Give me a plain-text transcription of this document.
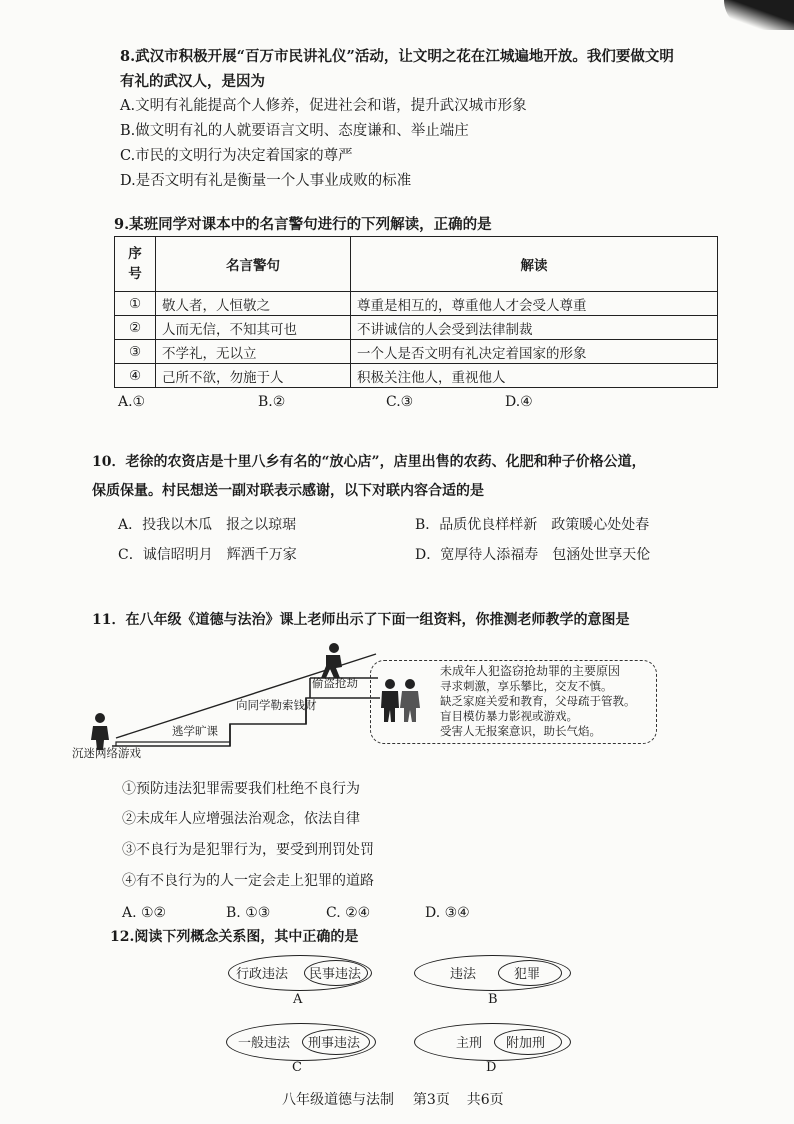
8.武汉市积极开展“百万市民讲礼仪”活动，让文明之花在江城遍地开放。我们要做文明
有礼的武汉人，是因为
A.文明有礼能提高个人修养，促进社会和谐，提升武汉城市形象
B.做文明有礼的人就要语言文明、态度谦和、举止端庄
C.市民的文明行为决定着国家的尊严
D.是否文明有礼是衡量一个人事业成败的标准
9.某班同学对课本中的名言警句进行的下列解读，正确的是
序
号	名言警句	解读
①	敬人者，人恒敬之	尊重是相互的，尊重他人才会受人尊重
②	人而无信，不知其可也	不讲诚信的人会受到法律制裁
③	不学礼，无以立	一个人是否文明有礼决定着国家的形象
④	己所不欲，勿施于人	积极关注他人，重视他人
A.①	B.②	C.③	D.④
10．老徐的农资店是十里八乡有名的“放心店”，店里出售的农药、化肥和种子价格公道，
保质保量。村民想送一副对联表示感谢，以下对联内容合适的是
A．投我以木瓜　报之以琼琚	B．品质优良样样新　政策暖心处处春
C．诚信昭明月　辉洒千万家	D．宽厚待人添福寿　包涵处世享天伦
11．在八年级《道德与法治》课上老师出示了下面一组资料，你推测老师教学的意图是
沉迷网络游戏
逃学旷课
向同学勒索钱财
偷盗抢劫
未成年人犯盗窃抢劫罪的主要原因
寻求刺激，享乐攀比，交友不慎。
缺乏家庭关爱和教育，父母疏于管教。
盲目模仿暴力影视或游戏。
受害人无报案意识，助长气焰。
①预防违法犯罪需要我们杜绝不良行为
②未成年人应增强法治观念，依法自律
③不良行为是犯罪行为，要受到刑罚处罚
④有不良行为的人一定会走上犯罪的道路
A. ①②	B. ①③	C. ②④	D. ③④
12.阅读下列概念关系图，其中正确的是
行政违法 民事违法
A
违法	犯罪
B
一般违法 刑事违法
C
主刑 附加刑
D
八年级道德与法制 第3页 共6页
